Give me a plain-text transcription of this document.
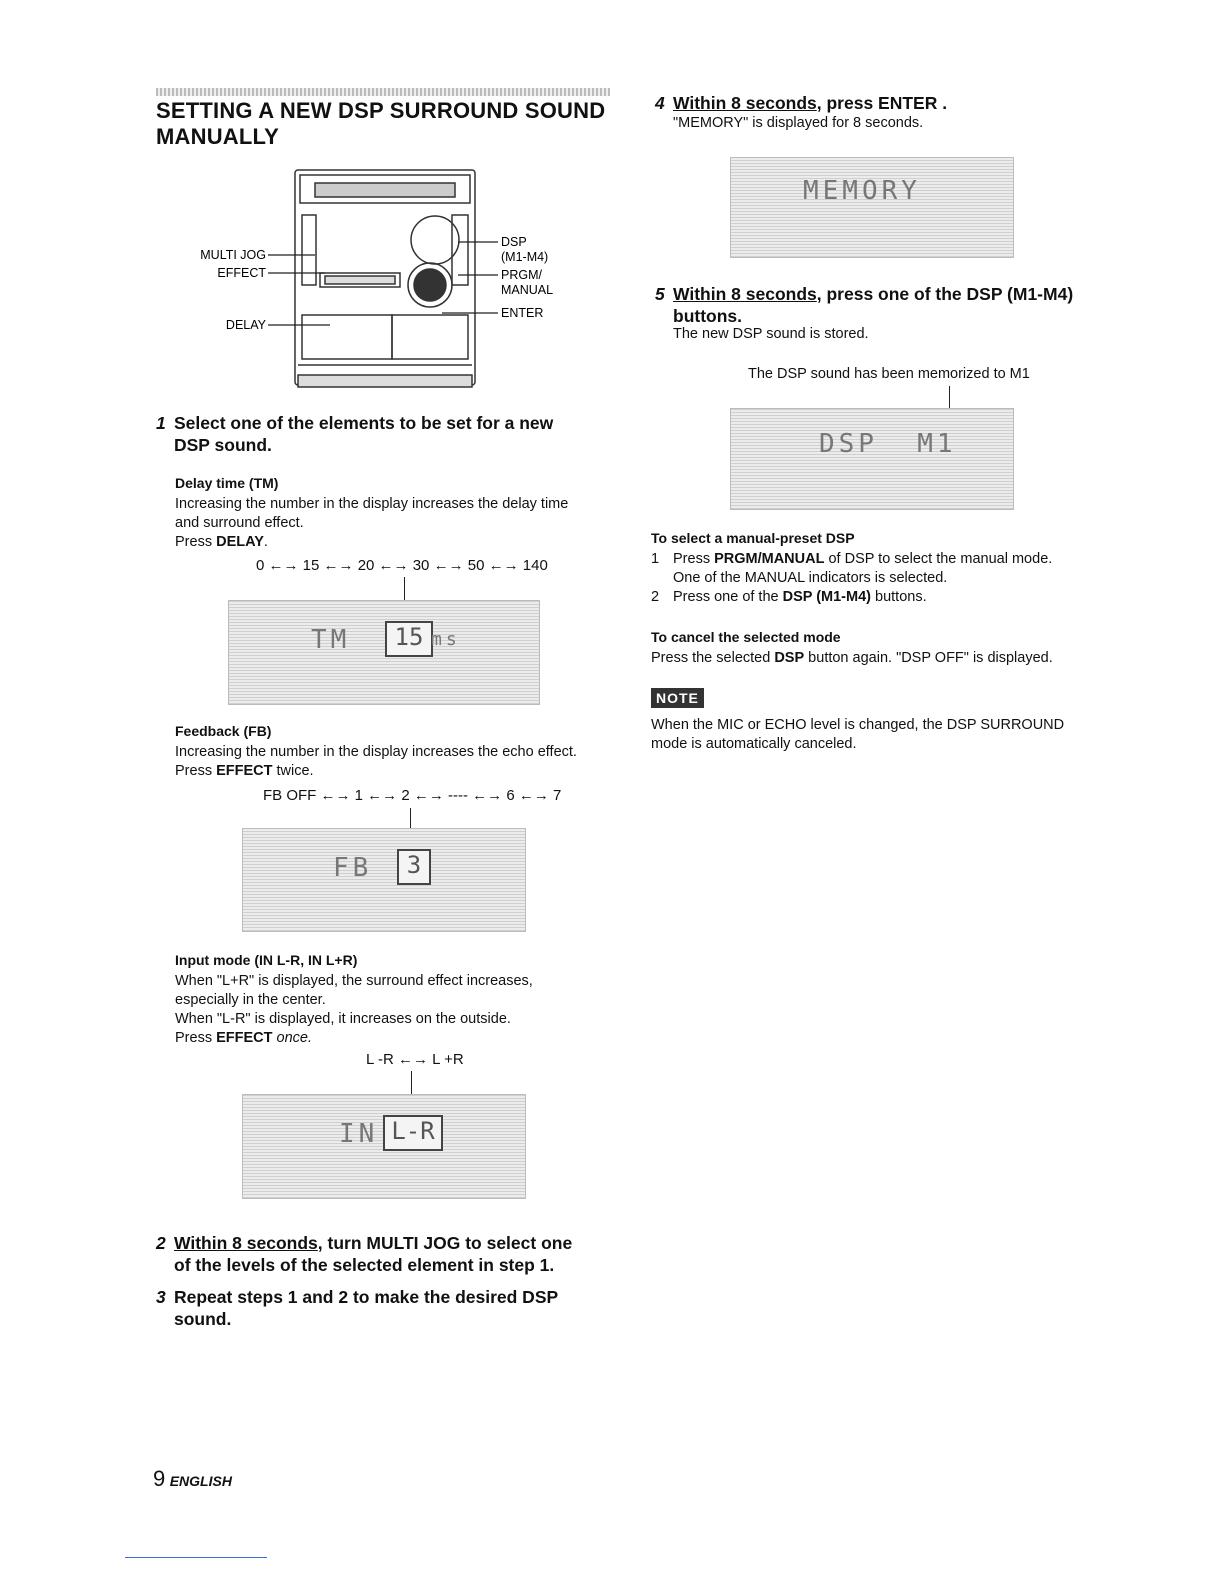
SETTING A NEW DSP SURROUND SOUND MANUALLY
MULTI JOG
EFFECT
DELAY
DSP
(M1-M4)
PRGM/
MANUAL
ENTER
1 Select one of the elements to be set for a new
DSP sound.
Delay time (TM)
Increasing the number in the display increases the delay time
and surround effect.
Press DELAY.
0 ←→ 15 ←→ 20 ←→ 30 ←→ 50 ←→ 140
TM	15 ms
Feedback (FB)
Increasing the number in the display increases the echo effect.
Press EFFECT twice.
FB OFF ←→ 1 ←→ 2 ←→ ---- ←→ 6 ←→ 7
FB	3
Input mode (IN L-R, IN L+R)
When "L+R" is displayed, the surround effect increases,
especially in the center.
When "L-R" is displayed, it increases on the outside.
Press EFFECT once.
L -R ←→ L +R
IN L-R
2 Within 8 seconds, turn MULTI JOG to select one
of the levels of the selected element in step 1.
3 Repeat steps 1 and 2 to make the desired DSP
sound.
9 ENGLISH
4 Within 8 seconds, press ENTER .
"MEMORY" is displayed for 8 seconds.
MEMORY
5 Within 8 seconds, press one of the DSP (M1-M4)
buttons.
The new DSP sound is stored.
The DSP sound has been memorized to M1
DSP  M1
To select a manual-preset DSP
1 Press PRGM/MANUAL of DSP to select the manual mode.
One of the MANUAL indicators is selected.
2 Press one of the DSP (M1-M4) buttons.
To cancel the selected mode
Press the selected DSP button again. "DSP OFF" is displayed.
NOTE
When the MIC or ECHO level is changed, the DSP SURROUND
mode is automatically canceled.
